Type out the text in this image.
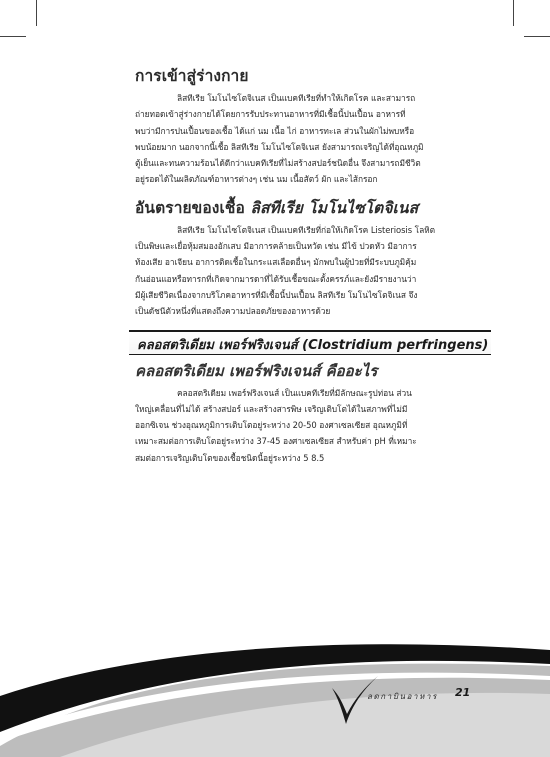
การเข้าสู่ร่างกาย
ลิสทีเรีย โมโนไซโตจิเนส เป็นแบคทีเรียที่ทำให้เกิดโรค และสามารถ
ถ่ายทอดเข้าสู่ร่างกายได้โดยการรับประทานอาหารที่มีเชื้อนี้ปนเปื้อน อาหารที่
พบว่ามีการปนเปื้อนของเชื้อ ได้แก่ นม เนื้อ ไก่ อาหารทะเล ส่วนในผักไม่พบหรือ
พบน้อยมาก นอกจากนี้เชื้อ ลิสทีเรีย โมโนไซโตจิเนส ยังสามารถเจริญได้ที่อุณหภูมิ
ตู้เย็นและทนความร้อนได้ดีกว่าแบคทีเรียที่ไม่สร้างสปอร์ชนิดอื่น จึงสามารถมีชีวิต
อยู่รอดได้ในผลิตภัณฑ์อาหารต่างๆ เช่น นม เนื้อสัตว์ ผัก และไส้กรอก
อันตรายของเชื้อ ลิสทีเรีย โมโนไซโตจิเนส
ลิสทีเรีย โมโนไซโตจิเนส เป็นแบคทีเรียที่ก่อให้เกิดโรค Listeriosis โลหิต
เป็นพิษและเยื่อหุ้มสมองอักเสบ มีอาการคล้ายเป็นหวัด เช่น มีไข้ ปวดหัว มีอาการ
ท้องเสีย อาเจียน อาการติดเชื้อในกระแสเลือดอื่นๆ มักพบในผู้ป่วยที่มีระบบภูมิคุ้ม
กันอ่อนแอหรือทารกที่เกิดจากมารดาที่ได้รับเชื้อขณะตั้งครรภ์และยังมีรายงานว่า
มีผู้เสียชีวิตเนื่องจากบริโภคอาหารที่มีเชื้อนี้ปนเปื้อน ลิสทีเรีย โมโนไซโตจิเนส จึง
เป็นดัชนีตัวหนึ่งที่แสดงถึงความปลอดภัยของอาหารด้วย
คลอสตริเดียม เพอร์ฟริงเจนส์ (Clostridium perfringens)
คลอสตริเดียม เพอร์ฟริงเจนส์ คืออะไร
คลอสตริเดียม เพอร์ฟริงเจนส์ เป็นแบคทีเรียที่มีลักษณะรูปท่อน ส่วน
ใหญ่เคลื่อนที่ไม่ได้ สร้างสปอร์ และสร้างสารพิษ เจริญเติบโตได้ในสภาพที่ไม่มี
ออกซิเจน ช่วงอุณหภูมิการเติบโตอยู่ระหว่าง 20-50 องศาเซลเซียส อุณหภูมิที่
เหมาะสมต่อการเติบโตอยู่ระหว่าง 37-45 องศาเซลเซียส สำหรับค่า pH ที่เหมาะ
สมต่อการเจริญเติบโตของเชื้อชนิดนี้อยู่ระหว่าง 5 8.5
ลดกาบินอาหาร 21
